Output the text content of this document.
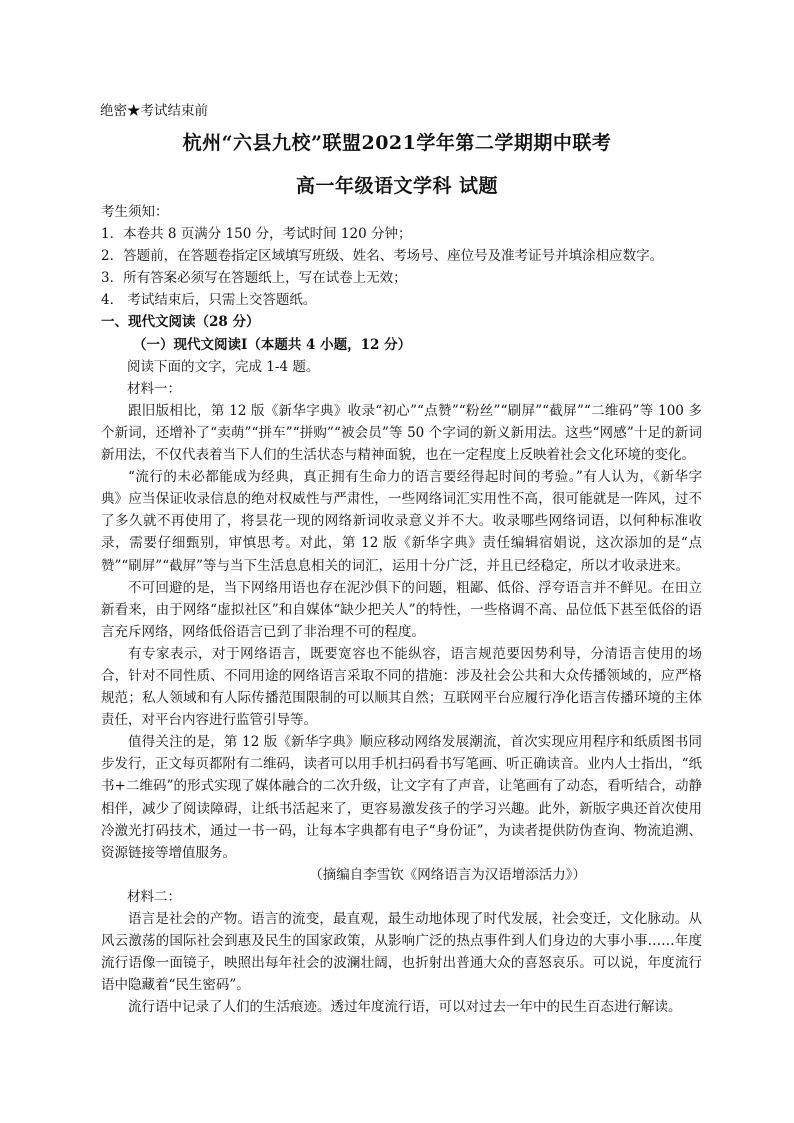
绝密★考试结束前
杭州“六县九校”联盟2021学年第二学期期中联考
高一年级语文学科 试题

考生须知：

1．本卷共 8 页满分 150 分，考试时间 120 分钟；

2．答题前，在答题卷指定区域填写班级、姓名、考场号、座位号及准考证号并填涂相应数字。

3．所有答案必须写在答题纸上，写在试卷上无效；

4． 考试结束后，只需上交答题纸。

一、现代文阅读（28 分）

（一）现代文阅读Ⅰ（本题共 4 小题，12 分）

阅读下面的文字，完成 1-4 题。

材料一：

跟旧版相比，第 12 版《新华字典》收录“初心”“点赞”“粉丝”“刷屏”“截屏”“二维码”等 100 多个新词，还增补了“卖萌”“拼车”“拼购”“被会员”等 50 个字词的新义新用法。这些“网感”十足的新词新用法，不仅代表着当下人们的生活状态与精神面貌，也在一定程度上反映着社会文化环境的变化。

“流行的未必都能成为经典，真正拥有生命力的语言要经得起时间的考验。”有人认为，《新华字典》应当保证收录信息的绝对权威性与严肃性，一些网络词汇实用性不高，很可能就是一阵风，过不了多久就不再使用了，将昙花一现的网络新词收录意义并不大。收录哪些网络词语，以何种标准收录，需要仔细甄别，审慎思考。对此，第 12 版《新华字典》责任编辑宿娟说，这次添加的是“点赞”“刷屏”“截屏”等与当下生活息息相关的词汇，运用十分广泛，并且已经稳定，所以才收录进来。

不可回避的是，当下网络用语也存在泥沙俱下的问题，粗鄙、低俗、浮夸语言并不鲜见。在田立新看来，由于网络“虚拟社区”和自媒体“缺少把关人”的特性，一些格调不高、品位低下甚至低俗的语言充斥网络，网络低俗语言已到了非治理不可的程度。

有专家表示，对于网络语言，既要宽容也不能纵容，语言规范要因势利导，分清语言使用的场合，针对不同性质、不同用途的网络语言采取不同的措施：涉及社会公共和大众传播领域的，应严格规范；私人领域和有人际传播范围限制的可以顺其自然；互联网平台应履行净化语言传播环境的主体责任，对平台内容进行监管引导等。

值得关注的是，第 12 版《新华字典》顺应移动网络发展潮流，首次实现应用程序和纸质图书同步发行，正文每页都附有二维码，读者可以用手机扫码看书写笔画、听正确读音。业内人士指出，“纸书+二维码”的形式实现了媒体融合的二次升级，让文字有了声音，让笔画有了动态，看听结合，动静相伴，减少了阅读障碍，让纸书活起来了，更容易激发孩子的学习兴趣。此外，新版字典还首次使用冷激光打码技术，通过一书一码，让每本字典都有电子“身份证”，为读者提供防伪查询、物流追溯、资源链接等增值服务。

（摘编自李雪钦《网络语言为汉语增添活力》）

材料二：

语言是社会的产物。语言的流变，最直观，最生动地体现了时代发展，社会变迁，文化脉动。从风云激荡的国际社会到惠及民生的国家政策，从影响广泛的热点事件到人们身边的大事小事……年度流行语像一面镜子，映照出每年社会的波澜壮阔，也折射出普通大众的喜怒哀乐。可以说，年度流行语中隐藏着“民生密码”。

流行语中记录了人们的生活痕迹。透过年度流行语，可以对过去一年中的民生百态进行解读。
